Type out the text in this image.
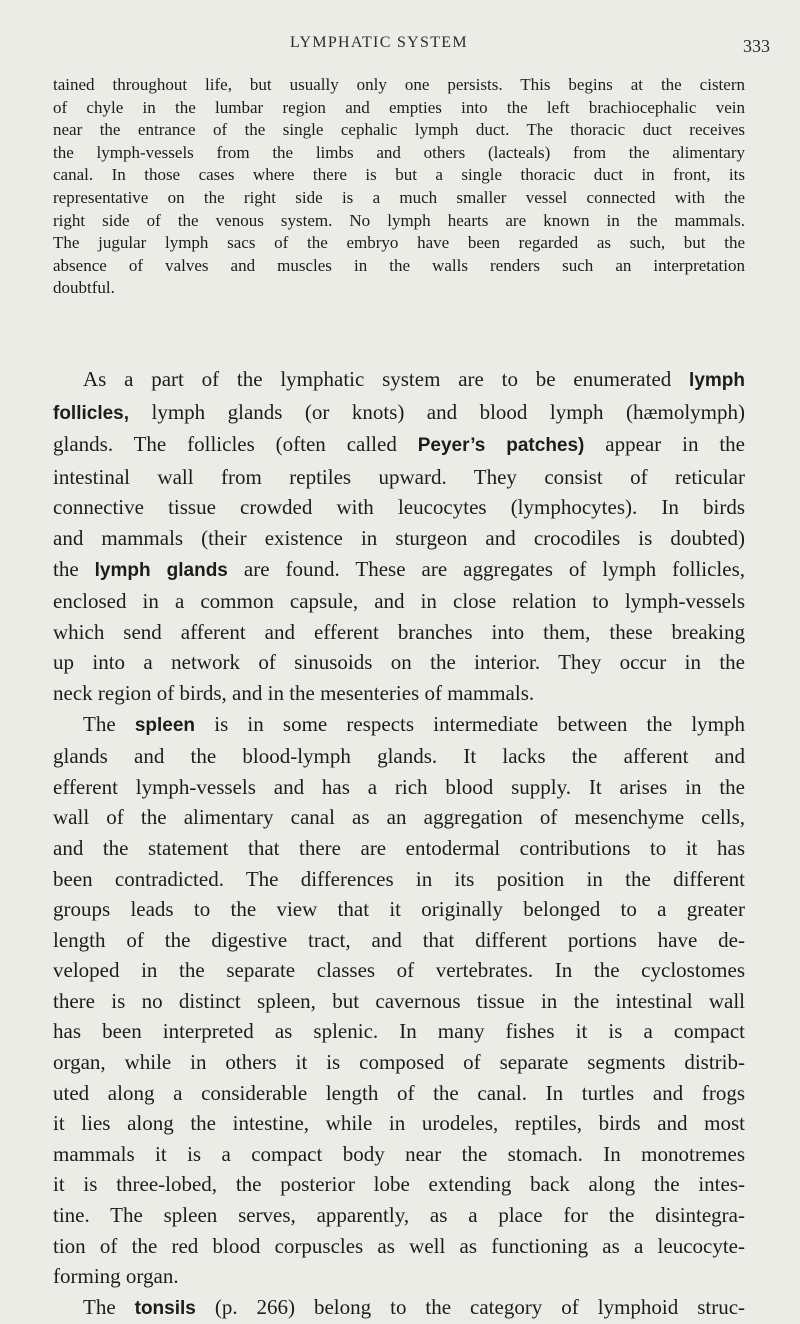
LYMPHATIC SYSTEM	333

tained throughout life, but usually only one persists. This begins at the cistern
of chyle in the lumbar region and empties into the left brachiocephalic vein
near the entrance of the single cephalic lymph duct. The thoracic duct receives
the lymph-vessels from the limbs and others (lacteals) from the alimentary
canal. In those cases where there is but a single thoracic duct in front, its
representative on the right side is a much smaller vessel connected with the
right side of the venous system. No lymph hearts are known in the mammals.
The jugular lymph sacs of the embryo have been regarded as such, but the
absence of valves and muscles in the walls renders such an interpretation
doubtful.

As a part of the lymphatic system are to be enumerated lymph
follicles, lymph glands (or knots) and blood lymph (hæmolymph)
glands. The follicles (often called Peyer’s patches) appear in the
intestinal wall from reptiles upward. They consist of reticular
connective tissue crowded with leucocytes (lymphocytes). In birds
and mammals (their existence in sturgeon and crocodiles is doubted)
the lymph glands are found. These are aggregates of lymph follicles,
enclosed in a common capsule, and in close relation to lymph-vessels
which send afferent and efferent branches into them, these breaking
up into a network of sinusoids on the interior. They occur in the
neck region of birds, and in the mesenteries of mammals.

The spleen is in some respects intermediate between the lymph
glands and the blood-lymph glands. It lacks the afferent and
efferent lymph-vessels and has a rich blood supply. It arises in the
wall of the alimentary canal as an aggregation of mesenchyme cells,
and the statement that there are entodermal contributions to it has
been contradicted. The differences in its position in the different
groups leads to the view that it originally belonged to a greater
length of the digestive tract, and that different portions have de-
veloped in the separate classes of vertebrates. In the cyclostomes
there is no distinct spleen, but cavernous tissue in the intestinal wall
has been interpreted as splenic. In many fishes it is a compact
organ, while in others it is composed of separate segments distrib-
uted along a considerable length of the canal. In turtles and frogs
it lies along the intestine, while in urodeles, reptiles, birds and most
mammals it is a compact body near the stomach. In monotremes
it is three-lobed, the posterior lobe extending back along the intes-
tine. The spleen serves, apparently, as a place for the disintegra-
tion of the red blood corpuscles as well as functioning as a leucocyte-
forming organ.

The tonsils (p. 266) belong to the category of lymphoid struc-
